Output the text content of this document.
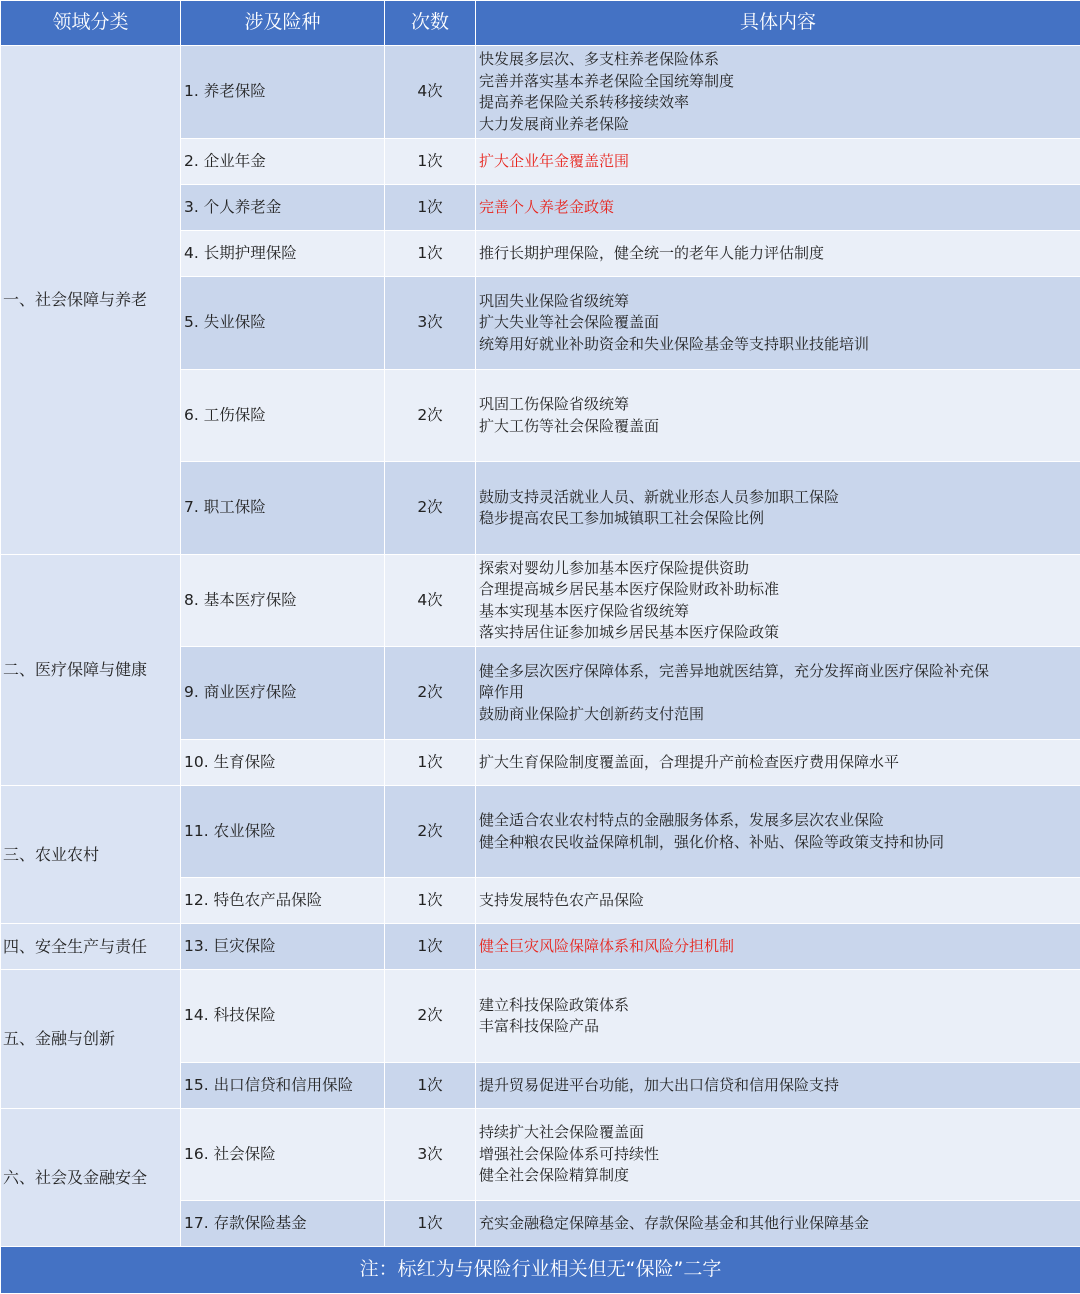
领域分类	涉及险种	次数	具体内容
一、社会保障与养老	1. 养老保险	4次	快发展多层次、多支柱养老保险体系
完善并落实基本养老保险全国统筹制度
提高养老保险关系转移接续效率
大力发展商业养老保险

	2. 企业年金	1次	扩大企业年金覆盖范围

	3. 个人养老金	1次	完善个人养老金政策

	4. 长期护理保险	1次	推行长期护理保险，健全统一的老年人能力评估制度

	5. 失业保险	3次	巩固失业保险省级统筹
扩大失业等社会保险覆盖面
统筹用好就业补助资金和失业保险基金等支持职业技能培训

	6. 工伤保险	2次	巩固工伤保险省级统筹
扩大工伤等社会保险覆盖面

	7. 职工保险	2次	鼓励支持灵活就业人员、新就业形态人员参加职工保险
稳步提高农民工参加城镇职工社会保险比例

二、医疗保障与健康	8. 基本医疗保险	4次	探索对婴幼儿参加基本医疗保险提供资助
合理提高城乡居民基本医疗保险财政补助标准
基本实现基本医疗保险省级统筹
落实持居住证参加城乡居民基本医疗保险政策

	9. 商业医疗保险	2次	健全多层次医疗保障体系，完善异地就医结算，充分发挥商业医疗保险补充保
障作用
鼓励商业保险扩大创新药支付范围

	10. 生育保险	1次	扩大生育保险制度覆盖面，合理提升产前检查医疗费用保障水平

三、农业农村	11. 农业保险	2次	健全适合农业农村特点的金融服务体系，发展多层次农业保险
健全种粮农民收益保障机制，强化价格、补贴、保险等政策支持和协同

	12. 特色农产品保险	1次	支持发展特色农产品保险

四、安全生产与责任	13. 巨灾保险	1次	健全巨灾风险保障体系和风险分担机制

五、金融与创新	14. 科技保险	2次	建立科技保险政策体系
丰富科技保险产品

	15. 出口信贷和信用保险	1次	提升贸易促进平台功能，加大出口信贷和信用保险支持

六、社会及金融安全	16. 社会保险	3次	持续扩大社会保险覆盖面
增强社会保险体系可持续性
健全社会保险精算制度

	17. 存款保险基金	1次	充实金融稳定保障基金、存款保险基金和其他行业保障基金

注：标红为与保险行业相关但无“保险”二字			
